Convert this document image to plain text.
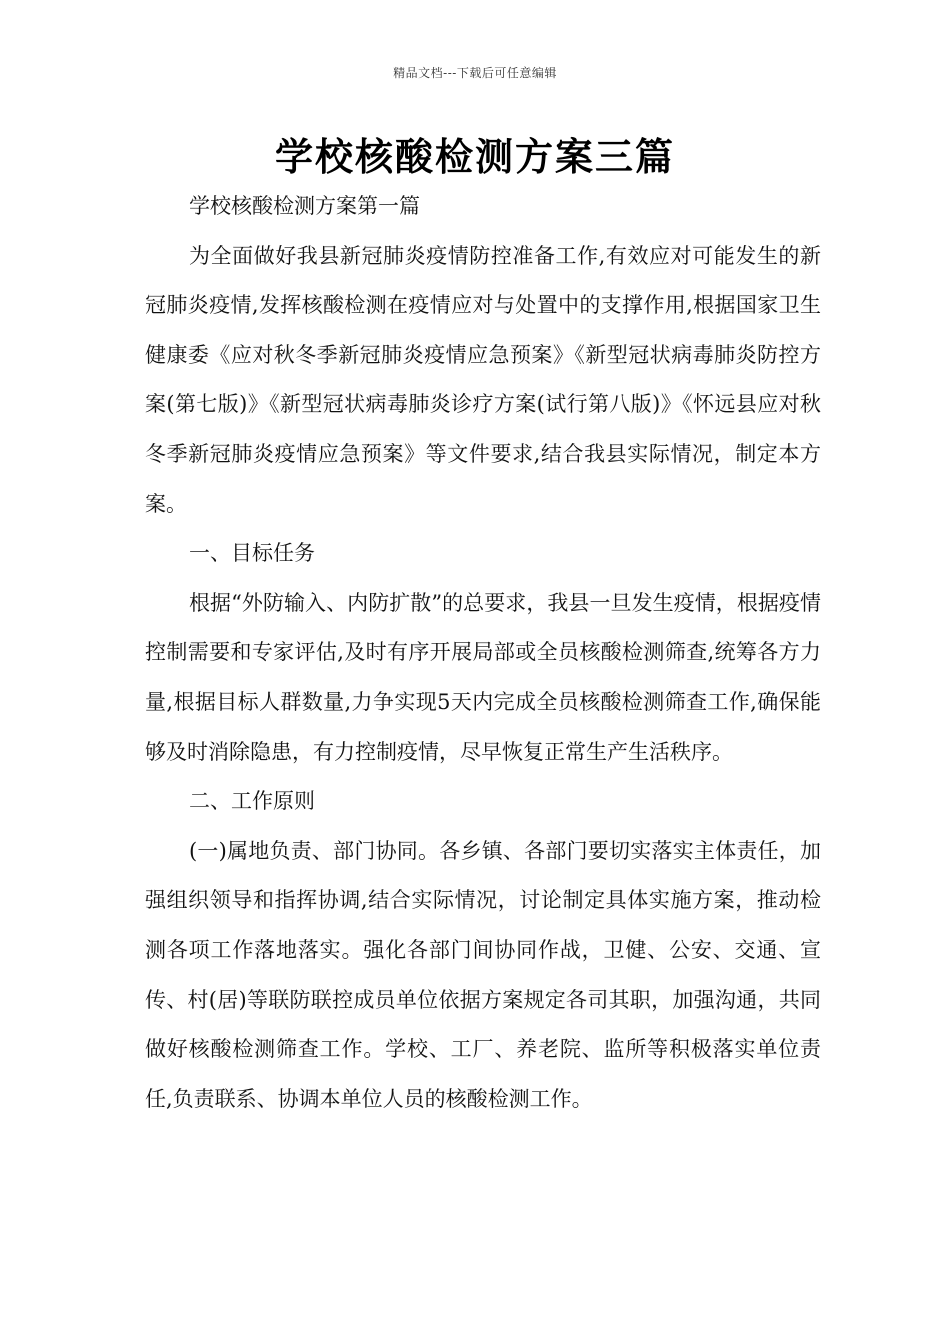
精品文档---下载后可任意编辑
学校核酸检测方案三篇

学校核酸检测方案第一篇

为全面做好我县新冠肺炎疫情防控准备工作,有效应对可能发生的新冠肺炎疫情,发挥核酸检测在疫情应对与处置中的支撑作用,根据国家卫生健康委《应对秋冬季新冠肺炎疫情应急预案》《新型冠状病毒肺炎防控方案(第七版)》《新型冠状病毒肺炎诊疗方案(试行第八版)》《怀远县应对秋冬季新冠肺炎疫情应急预案》等文件要求,结合我县实际情况，制定本方案。

一、目标任务

根据“外防输入、内防扩散”的总要求，我县一旦发生疫情，根据疫情控制需要和专家评估,及时有序开展局部或全员核酸检测筛查,统筹各方力量,根据目标人群数量,力争实现5天内完成全员核酸检测筛查工作,确保能够及时消除隐患，有力控制疫情，尽早恢复正常生产生活秩序。

二、工作原则

(一)属地负责、部门协同。各乡镇、各部门要切实落实主体责任，加强组织领导和指挥协调,结合实际情况，讨论制定具体实施方案，推动检测各项工作落地落实。强化各部门间协同作战，卫健、公安、交通、宣传、村(居)等联防联控成员单位依据方案规定各司其职，加强沟通，共同做好核酸检测筛查工作。学校、工厂、养老院、监所等积极落实单位责任,负责联系、协调本单位人员的核酸检测工作。
